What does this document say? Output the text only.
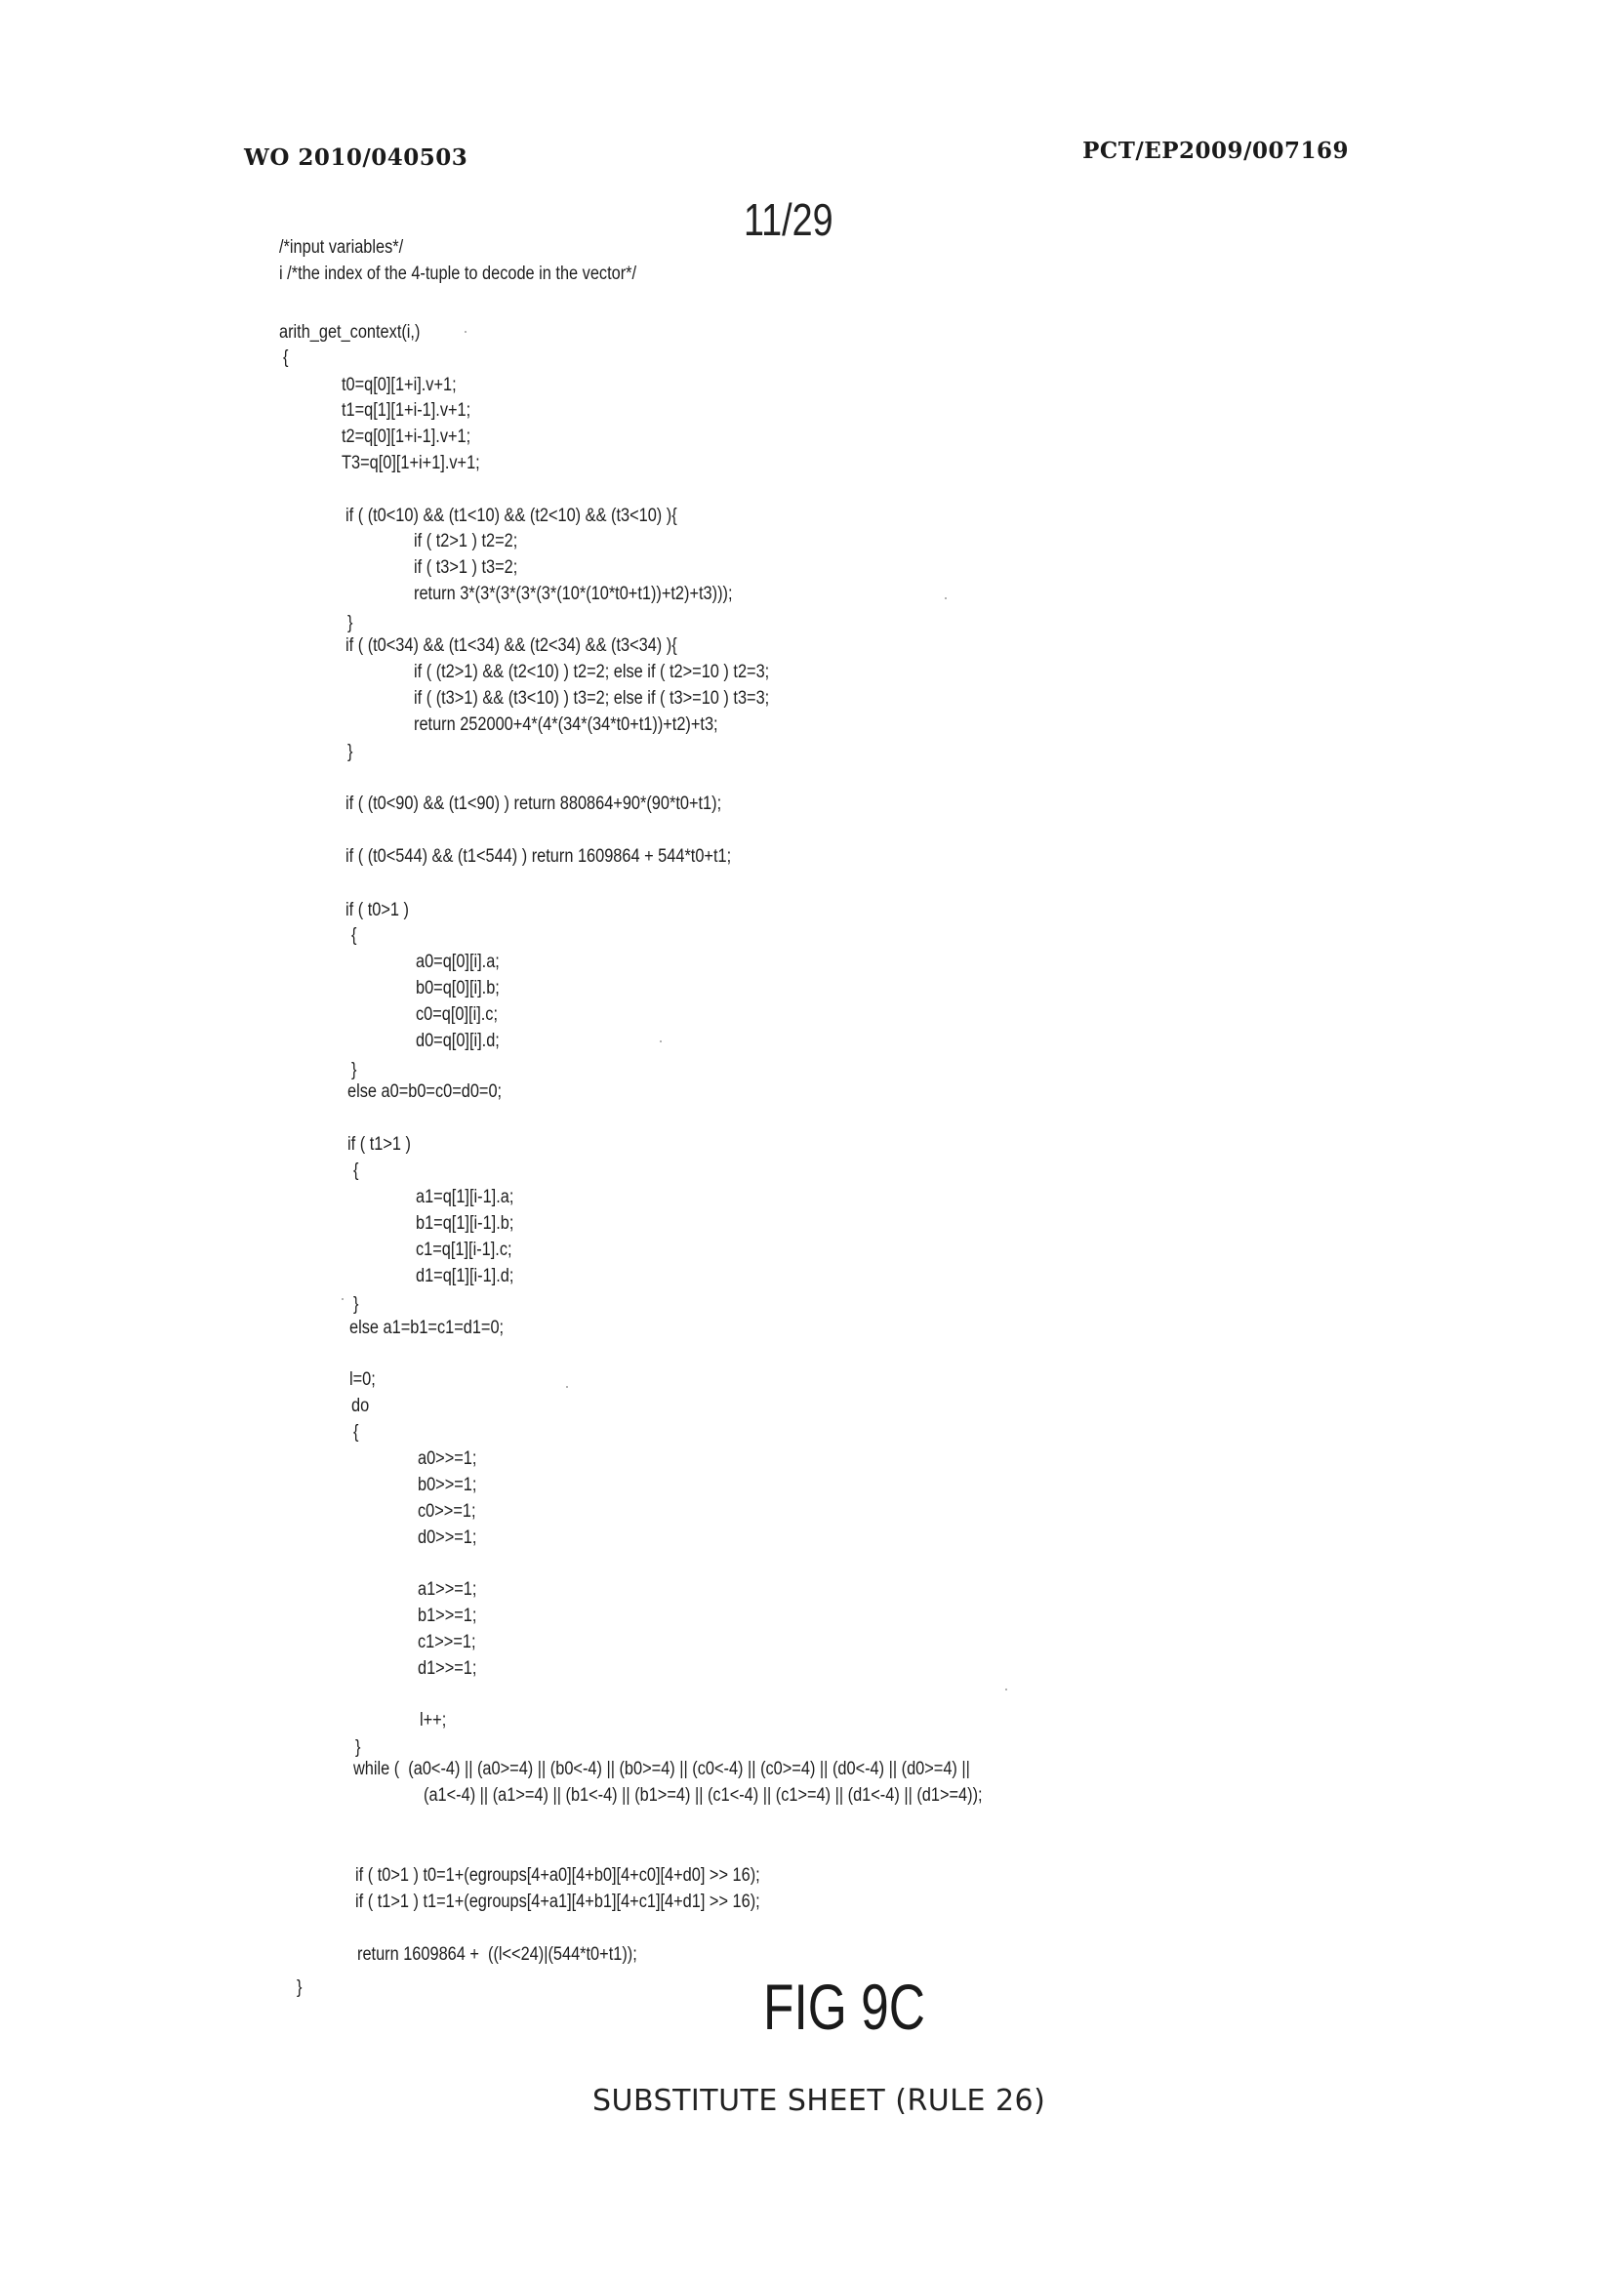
WO 2010/040503	PCT/EP2009/007169
11/29
/*input variables*/
i /*the index of the 4-tuple to decode in the vector*/
arith_get_context(i,)
{
t0=q[0][1+i].v+1;
t1=q[1][1+i-1].v+1;
t2=q[0][1+i-1].v+1;
T3=q[0][1+i+1].v+1;
if ( (t0<10) && (t1<10) && (t2<10) && (t3<10) ){
if ( t2>1 ) t2=2;
if ( t3>1 ) t3=2;
return 3*(3*(3*(3*(3*(10*(10*t0+t1))+t2)+t3)));
}
if ( (t0<34) && (t1<34) && (t2<34) && (t3<34) ){
if ( (t2>1) && (t2<10) ) t2=2; else if ( t2>=10 ) t2=3;
if ( (t3>1) && (t3<10) ) t3=2; else if ( t3>=10 ) t3=3;
return 252000+4*(4*(34*(34*t0+t1))+t2)+t3;
}
if ( (t0<90) && (t1<90) ) return 880864+90*(90*t0+t1);
if ( (t0<544) && (t1<544) ) return 1609864 + 544*t0+t1;
if ( t0>1 )
{
a0=q[0][i].a;
b0=q[0][i].b;
c0=q[0][i].c;
d0=q[0][i].d;
}
else a0=b0=c0=d0=0;
if ( t1>1 )
{
a1=q[1][i-1].a;
b1=q[1][i-1].b;
c1=q[1][i-1].c;
d1=q[1][i-1].d;
}
else a1=b1=c1=d1=0;
l=0;
do
{
a0>>=1;
b0>>=1;
c0>>=1;
d0>>=1;
a1>>=1;
b1>>=1;
c1>>=1;
d1>>=1;
l++;
}
while (  (a0<-4) || (a0>=4) || (b0<-4) || (b0>=4) || (c0<-4) || (c0>=4) || (d0<-4) || (d0>=4) ||
(a1<-4) || (a1>=4) || (b1<-4) || (b1>=4) || (c1<-4) || (c1>=4) || (d1<-4) || (d1>=4));
if ( t0>1 ) t0=1+(egroups[4+a0][4+b0][4+c0][4+d0] >> 16);
if ( t1>1 ) t1=1+(egroups[4+a1][4+b1][4+c1][4+d1] >> 16);
return 1609864 +  ((l<<24)|(544*t0+t1));
}	FIG 9C
SUBSTITUTE SHEET (RULE 26)
